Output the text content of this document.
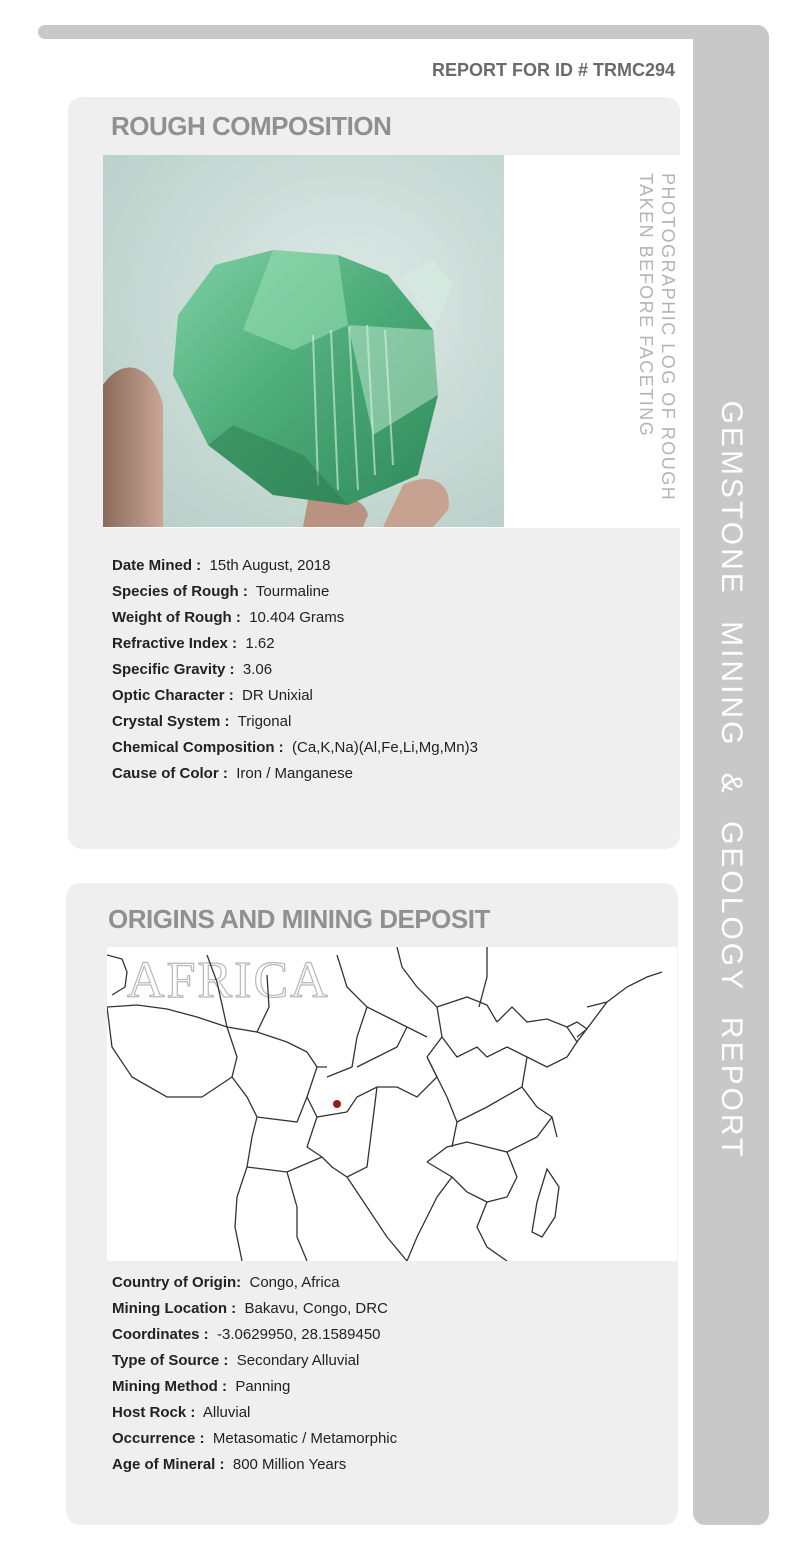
GEMSTONE MINING & GEOLOGY REPORT
REPORT FOR ID # TRMC294
ROUGH COMPOSITION
PHOTOGRAPHIC LOG OF ROUGH
TAKEN BEFORE FACETING
Date Mined : 15th August, 2018
Species of Rough : Tourmaline
Weight of Rough : 10.404 Grams
Refractive Index : 1.62
Specific Gravity : 3.06
Optic Character : DR Unixial
Crystal System : Trigonal
Chemical Composition : (Ca,K,Na)(Al,Fe,Li,Mg,Mn)3
Cause of Color : Iron / Manganese
ORIGINS AND MINING DEPOSIT
AFRICA
Country of Origin: Congo, Africa
Mining Location : Bakavu, Congo, DRC
Coordinates : -3.0629950, 28.1589450
Type of Source : Secondary Alluvial
Mining Method : Panning
Host Rock : Alluvial
Occurrence : Metasomatic / Metamorphic
Age of Mineral : 800 Million Years
